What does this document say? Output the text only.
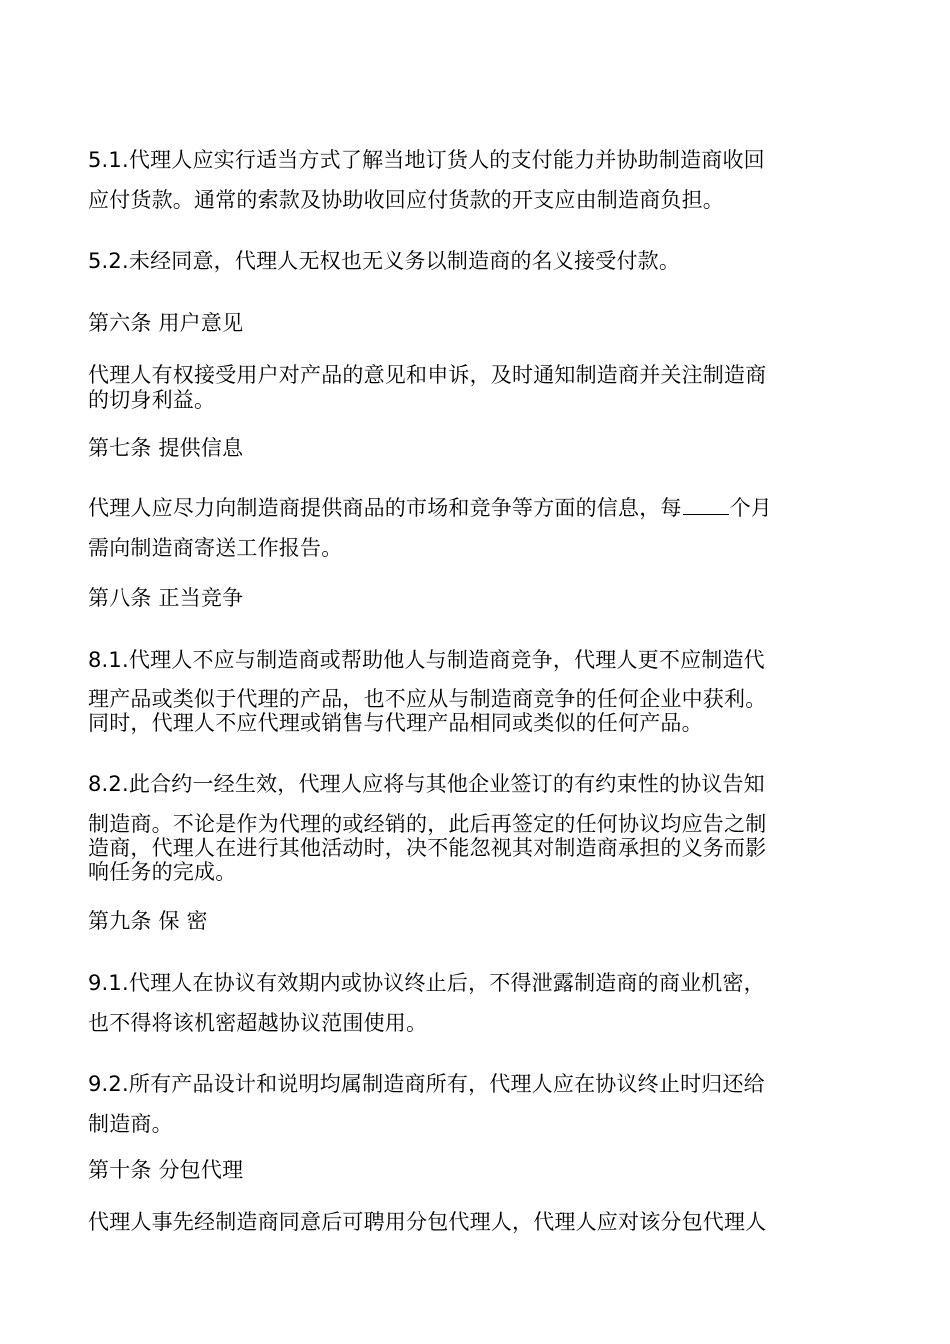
5.1.代理人应实行适当方式了解当地订货人的支付能力并协助制造商收回
应付货款。通常的索款及协助收回应付货款的开支应由制造商负担。
5.2.未经同意，代理人无权也无义务以制造商的名义接受付款。
第六条 用户意见
代理人有权接受用户对产品的意见和申诉，及时通知制造商并关注制造商
的切身利益。
第七条 提供信息
代理人应尽力向制造商提供商品的市场和竞争等方面的信息，每 个月
需向制造商寄送工作报告。
第八条 正当竞争
8.1.代理人不应与制造商或帮助他人与制造商竞争，代理人更不应制造代
理产品或类似于代理的产品，也不应从与制造商竞争的任何企业中获利。
同时，代理人不应代理或销售与代理产品相同或类似的任何产品。
8.2.此合约一经生效，代理人应将与其他企业签订的有约束性的协议告知
制造商。不论是作为代理的或经销的，此后再签定的任何协议均应告之制
造商，代理人在进行其他活动时，决不能忽视其对制造商承担的义务而影
响任务的完成。
第九条 保 密
9.1.代理人在协议有效期内或协议终止后，不得泄露制造商的商业机密，
也不得将该机密超越协议范围使用。
9.2.所有产品设计和说明均属制造商所有，代理人应在协议终止时归还给
制造商。
第十条 分包代理
代理人事先经制造商同意后可聘用分包代理人，代理人应对该分包代理人
